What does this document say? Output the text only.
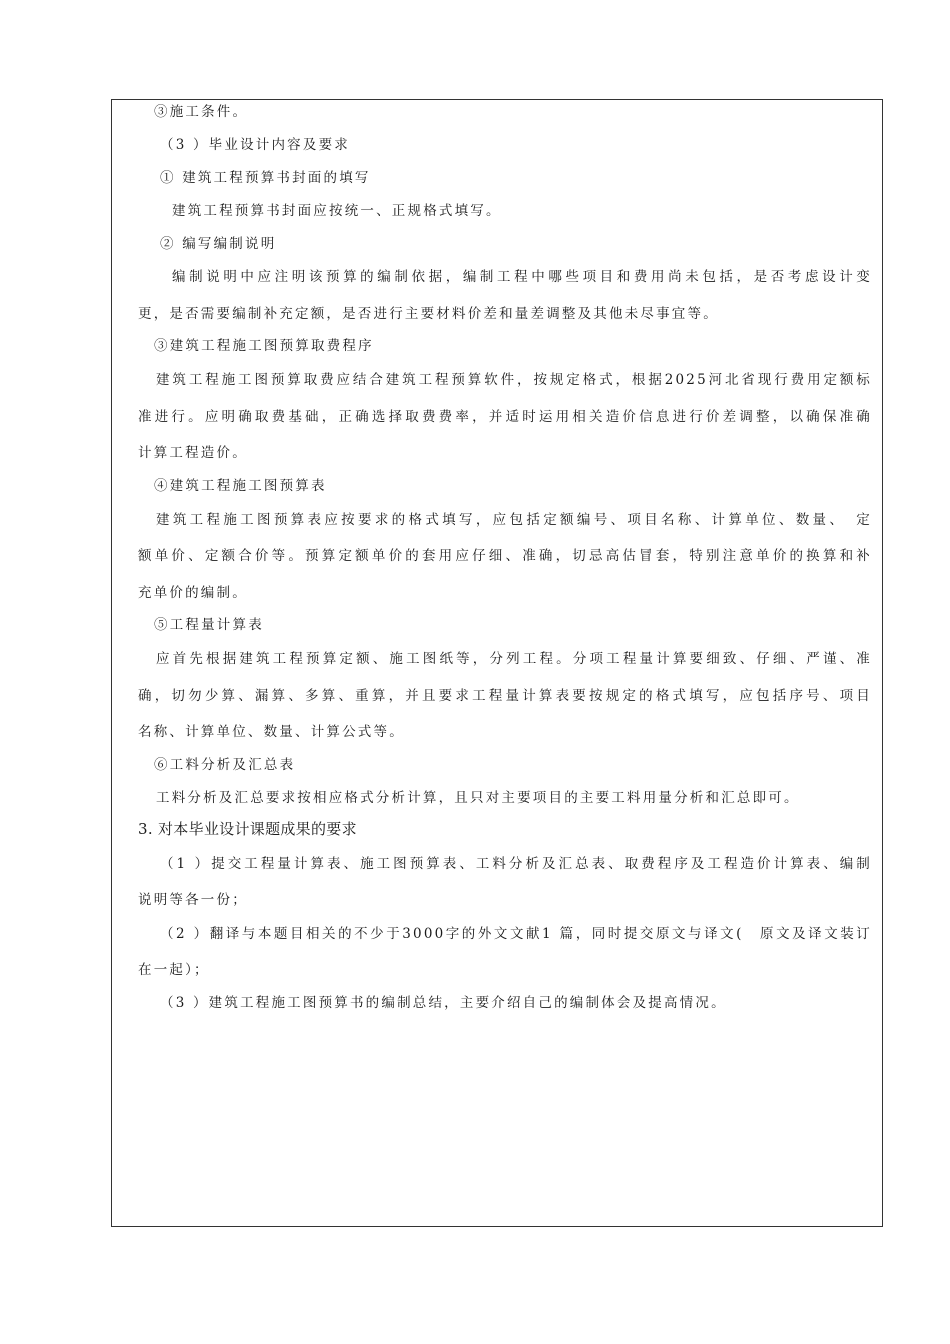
③施工条件。
（3 ）毕业设计内容及要求
① 建筑工程预算书封面的填写
建筑工程预算书封面应按统一、正规格式填写。
② 编写编制说明
编制说明中应注明该预算的编制依据，编制工程中哪些项目和费用尚未包括，是否考虑设计变
更，是否需要编制补充定额，是否进行主要材料价差和量差调整及其他未尽事宜等。
③建筑工程施工图预算取费程序
建筑工程施工图预算取费应结合建筑工程预算软件，按规定格式，根据2025河北省现行费用定额标
准进行。应明确取费基础，正确选择取费费率，并适时运用相关造价信息进行价差调整，以确保准确
计算工程造价。
④建筑工程施工图预算表
建筑工程施工图预算表应按要求的格式填写，应包括定额编号、项目名称、计算单位、数量、　定
额单价、定额合价等。预算定额单价的套用应仔细、准确，切忌高估冒套，特别注意单价的换算和补
充单价的编制。
⑤工程量计算表
应首先根据建筑工程预算定额、施工图纸等，分列工程。分项工程量计算要细致、仔细、严谨、准
确，切勿少算、漏算、多算、重算，并且要求工程量计算表要按规定的格式填写，应包括序号、项目
名称、计算单位、数量、计算公式等。
⑥工料分析及汇总表
工料分析及汇总要求按相应格式分析计算，且只对主要项目的主要工料用量分析和汇总即可。
3. 对本毕业设计课题成果的要求
（1 ）提交工程量计算表、施工图预算表、工料分析及汇总表、取费程序及工程造价计算表、编制
说明等各一份；
（2 ）翻译与本题目相关的不少于3000字的外文文献1 篇，同时提交原文与译文(　原文及译文装订
在一起）；
（3 ）建筑工程施工图预算书的编制总结，主要介绍自己的编制体会及提高情况。
